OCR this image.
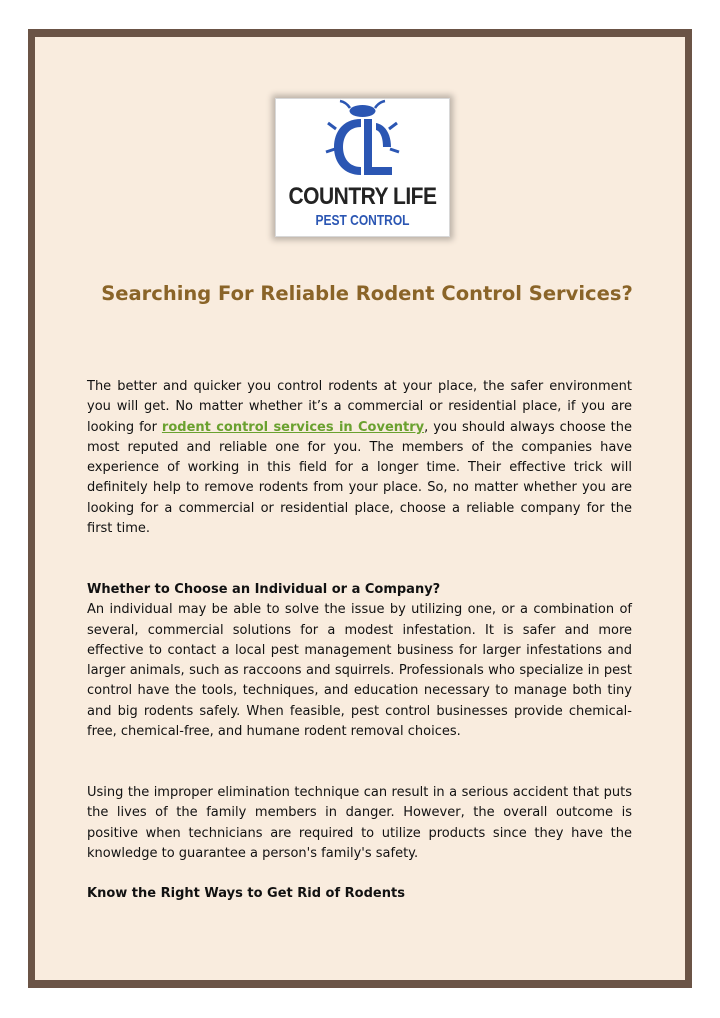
COUNTRY LIFE
PEST CONTROL
Searching For Reliable Rodent Control Services?

The better and quicker you control rodents at your place, the safer environment you will get. No matter whether it’s a commercial or residential place, if you are looking for rodent control services in Coventry, you should always choose the most reputed and reliable one for you. The members of the companies have experience of working in this field for a longer time. Their effective trick will definitely help to remove rodents from your place. So, no matter whether you are looking for a commercial or residential place, choose a reliable company for the first time.

Whether to Choose an Individual or a Company?
An individual may be able to solve the issue by utilizing one, or a combination of several, commercial solutions for a modest infestation. It is safer and more effective to contact a local pest management business for larger infestations and larger animals, such as raccoons and squirrels. Professionals who specialize in pest control have the tools, techniques, and education necessary to manage both tiny and big rodents safely. When feasible, pest control businesses provide chemical-free, chemical-free, and humane rodent removal choices.

Using the improper elimination technique can result in a serious accident that puts the lives of the family members in danger. However, the overall outcome is positive when technicians are required to utilize products since they have the knowledge to guarantee a person's family's safety.

Know the Right Ways to Get Rid of Rodents
